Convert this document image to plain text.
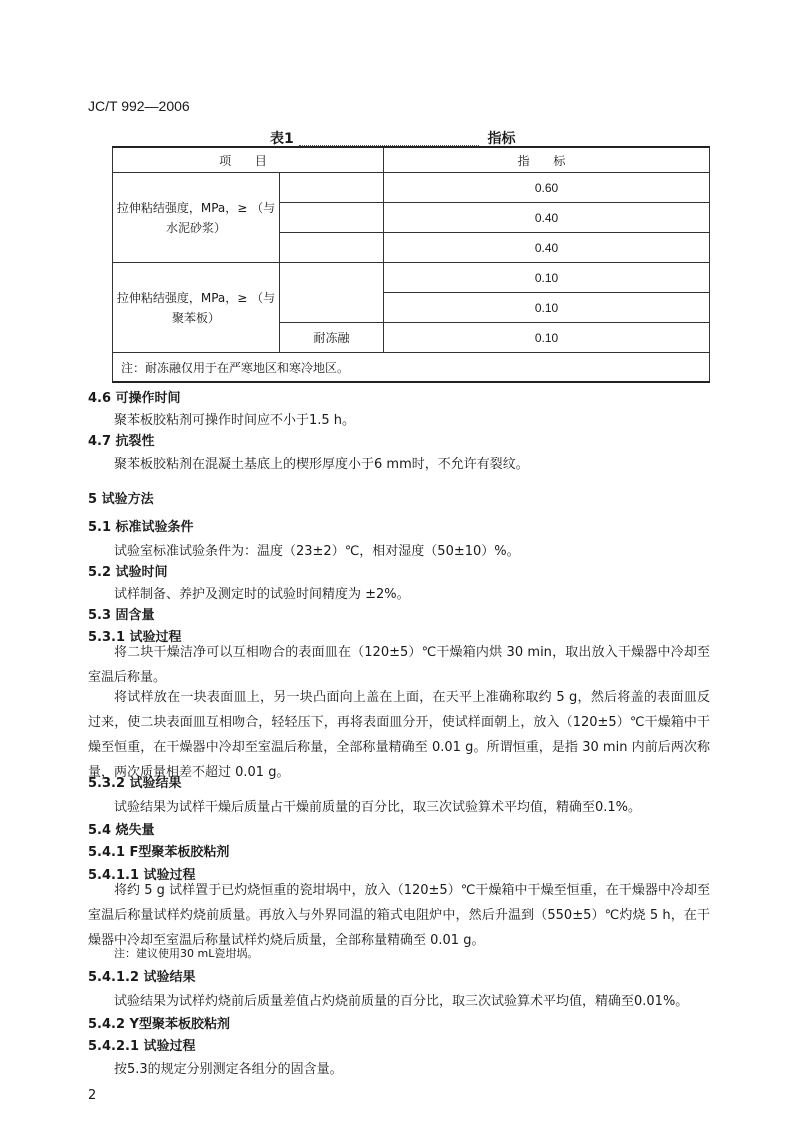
JC/T 992—2006
表1	指标
项 目		指 标
拉伸粘结强度，MPa，≥ （与水泥砂浆）		0.60
		0.40
		0.40
拉伸粘结强度，MPa，≥ （与聚苯板）		0.10
		0.10
	耐冻融	0.10
注：耐冻融仅用于在严寒地区和寒冷地区。		
4.6 可操作时间
聚苯板胶粘剂可操作时间应不小于1.5 h。
4.7 抗裂性
聚苯板胶粘剂在混凝土基底上的楔形厚度小于6 mm时，不允许有裂纹。
5 试验方法
5.1 标准试验条件
试验室标准试验条件为：温度（23±2）℃，相对湿度（50±10）%。
5.2 试验时间
试样制备、养护及测定时的试验时间精度为 ±2%。
5.3 固含量
5.3.1 试验过程
将二块干燥洁净可以互相吻合的表面皿在（120±5）℃干燥箱内烘 30 min，取出放入干燥器中冷却至室温后称量。
将试样放在一块表面皿上，另一块凸面向上盖在上面，在天平上准确称取约 5 g，然后将盖的表面皿反过来，使二块表面皿互相吻合，轻轻压下，再将表面皿分开，使试样面朝上，放入（120±5）℃干燥箱中干燥至恒重，在干燥器中冷却至室温后称量，全部称量精确至 0.01 g。所谓恒重，是指 30 min 内前后两次称量，两次质量相差不超过 0.01 g。
5.3.2 试验结果
试验结果为试样干燥后质量占干燥前质量的百分比，取三次试验算术平均值，精确至0.1%。
5.4 烧失量
5.4.1 F型聚苯板胶粘剂
5.4.1.1 试验过程
将约 5 g 试样置于已灼烧恒重的瓷坩埚中，放入（120±5）℃干燥箱中干燥至恒重，在干燥器中冷却至室温后称量试样灼烧前质量。再放入与外界同温的箱式电阻炉中，然后升温到（550±5）℃灼烧 5 h，在干燥器中冷却至室温后称量试样灼烧后质量，全部称量精确至 0.01 g。
注：建议使用30 mL瓷坩埚。
5.4.1.2 试验结果
试验结果为试样灼烧前后质量差值占灼烧前质量的百分比，取三次试验算术平均值，精确至0.01%。
5.4.2 Y型聚苯板胶粘剂
5.4.2.1 试验过程
按5.3的规定分别测定各组分的固含量。
2
